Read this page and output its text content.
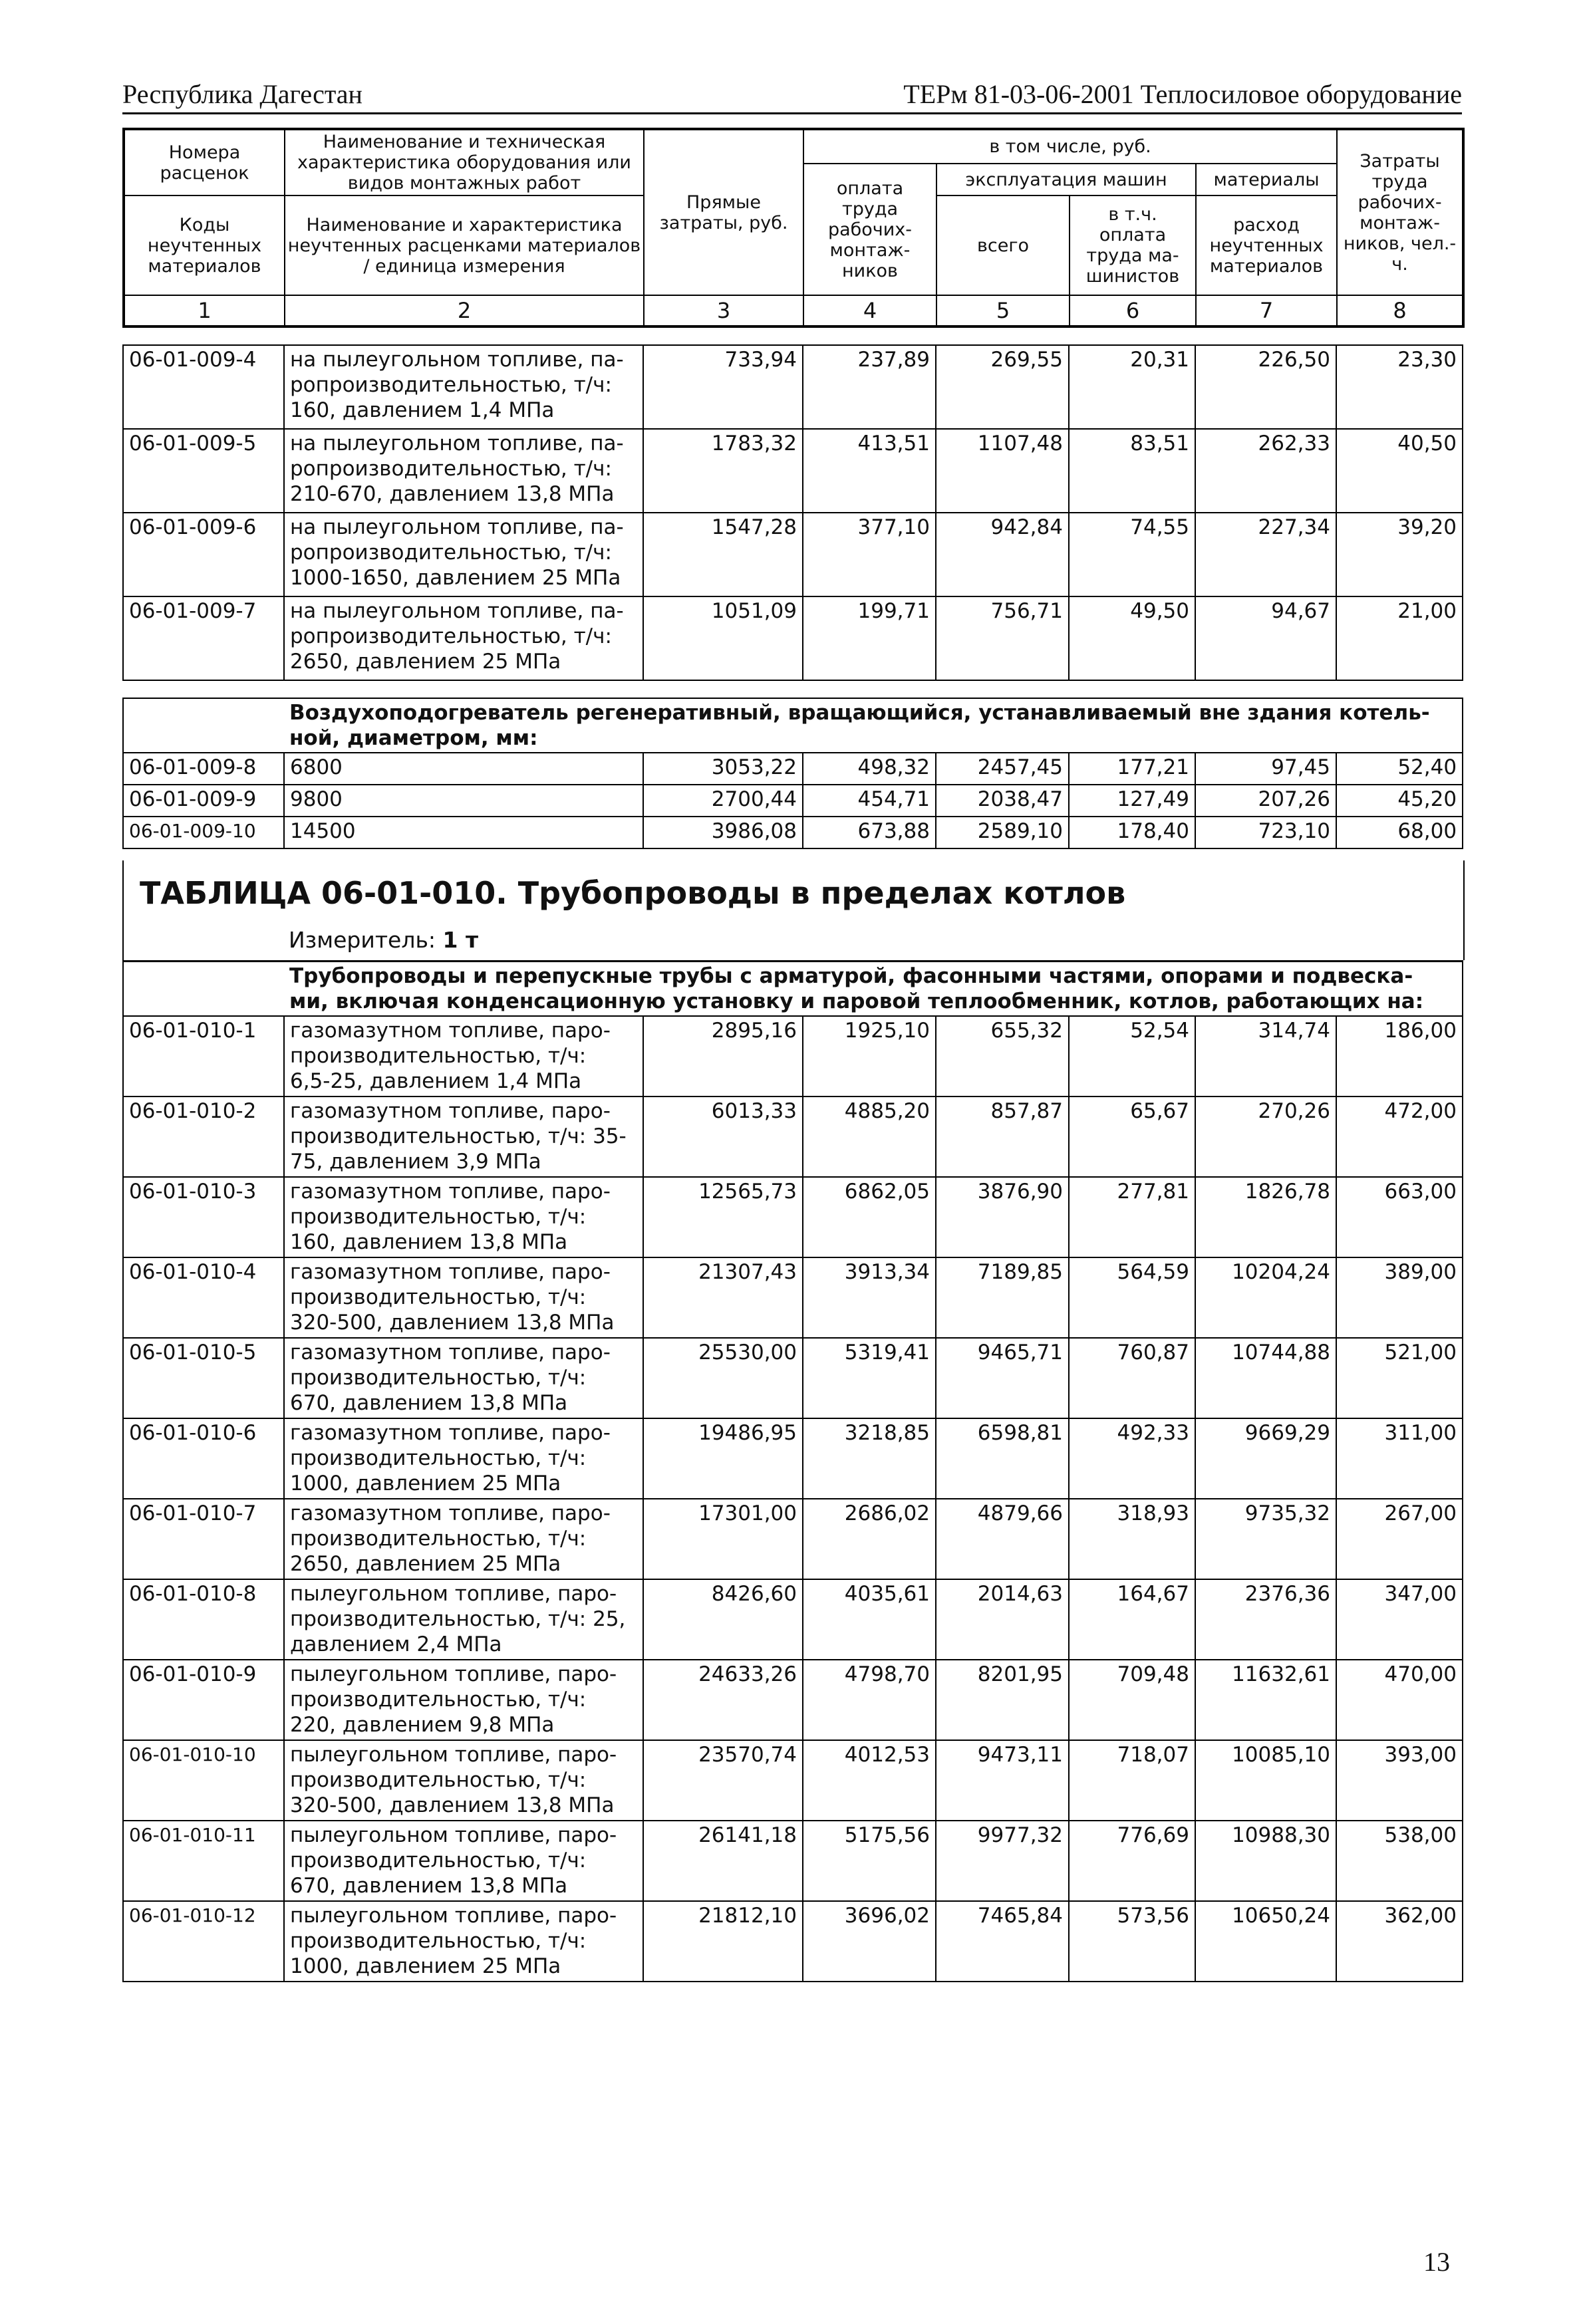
Республика Дагестан	ТЕРм 81-03-06-2001 Теплосиловое оборудование
Номера расценок	Наименование и техническая характеристика оборудования или видов монтажных работ	Прямые затраты, руб.	в том числе, руб.				Затраты труда рабочих-монтаж-ников, чел.-ч.
			оплата труда рабочих-монтаж-ников	эксплуатация машин		материалы	
Коды неучтенных материалов	Наименование и характеристика неучтенных расценками материалов / единица измерения			всего	в т.ч. оплата труда ма-шинистов	расход неучтенных материалов	
1	2	3	4	5	6	7	8
06-01-009-4	на пылеугольном топливе, па-
ропроизводительностью, т/ч:
160, давлением 1,4 МПа	733,94	237,89	269,55	20,31	226,50	23,30
06-01-009-5	на пылеугольном топливе, па-
ропроизводительностью, т/ч:
210-670, давлением 13,8 МПа	1783,32	413,51	1107,48	83,51	262,33	40,50
06-01-009-6	на пылеугольном топливе, па-
ропроизводительностью, т/ч:
1000-1650, давлением 25 МПа	1547,28	377,10	942,84	74,55	227,34	39,20
06-01-009-7	на пылеугольном топливе, па-
ропроизводительностью, т/ч:
2650, давлением 25 МПа	1051,09	199,71	756,71	49,50	94,67	21,00

	Воздухоподогреватель регенеративный, вращающийся, устанавливаемый вне здания котель-
ной, диаметром, мм:						

06-01-009-8	6800	3053,22	498,32	2457,45	177,21	97,45	52,40
06-01-009-9	9800	2700,44	454,71	2038,47	127,49	207,26	45,20
06-01-009-10	14500	3986,08	673,88	2589,10	178,40	723,10	68,00
ТАБЛИЦА 06-01-010. Трубопроводы в пределах котлов
Измеритель: 1 т

	Трубопроводы и перепускные трубы с арматурой, фасонными частями, опорами и подвеска-
ми, включая конденсационную установку и паровой теплообменник, котлов, работающих на:						

06-01-010-1	газомазутном топливе, паро-
производительностью, т/ч:
6,5-25, давлением 1,4 МПа	2895,16	1925,10	655,32	52,54	314,74	186,00
06-01-010-2	газомазутном топливе, паро-
производительностью, т/ч: 35-
75, давлением 3,9 МПа	6013,33	4885,20	857,87	65,67	270,26	472,00
06-01-010-3	газомазутном топливе, паро-
производительностью, т/ч:
160, давлением 13,8 МПа	12565,73	6862,05	3876,90	277,81	1826,78	663,00
06-01-010-4	газомазутном топливе, паро-
производительностью, т/ч:
320-500, давлением 13,8 МПа	21307,43	3913,34	7189,85	564,59	10204,24	389,00
06-01-010-5	газомазутном топливе, паро-
производительностью, т/ч:
670, давлением 13,8 МПа	25530,00	5319,41	9465,71	760,87	10744,88	521,00
06-01-010-6	газомазутном топливе, паро-
производительностью, т/ч:
1000, давлением 25 МПа	19486,95	3218,85	6598,81	492,33	9669,29	311,00
06-01-010-7	газомазутном топливе, паро-
производительностью, т/ч:
2650, давлением 25 МПа	17301,00	2686,02	4879,66	318,93	9735,32	267,00
06-01-010-8	пылеугольном топливе, паро-
производительностью, т/ч: 25,
давлением 2,4 МПа	8426,60	4035,61	2014,63	164,67	2376,36	347,00
06-01-010-9	пылеугольном топливе, паро-
производительностью, т/ч:
220, давлением 9,8 МПа	24633,26	4798,70	8201,95	709,48	11632,61	470,00
06-01-010-10	пылеугольном топливе, паро-
производительностью, т/ч:
320-500, давлением 13,8 МПа	23570,74	4012,53	9473,11	718,07	10085,10	393,00
06-01-010-11	пылеугольном топливе, паро-
производительностью, т/ч:
670, давлением 13,8 МПа	26141,18	5175,56	9977,32	776,69	10988,30	538,00
06-01-010-12	пылеугольном топливе, паро-
производительностью, т/ч:
1000, давлением 25 МПа	21812,10	3696,02	7465,84	573,56	10650,24	362,00
13
